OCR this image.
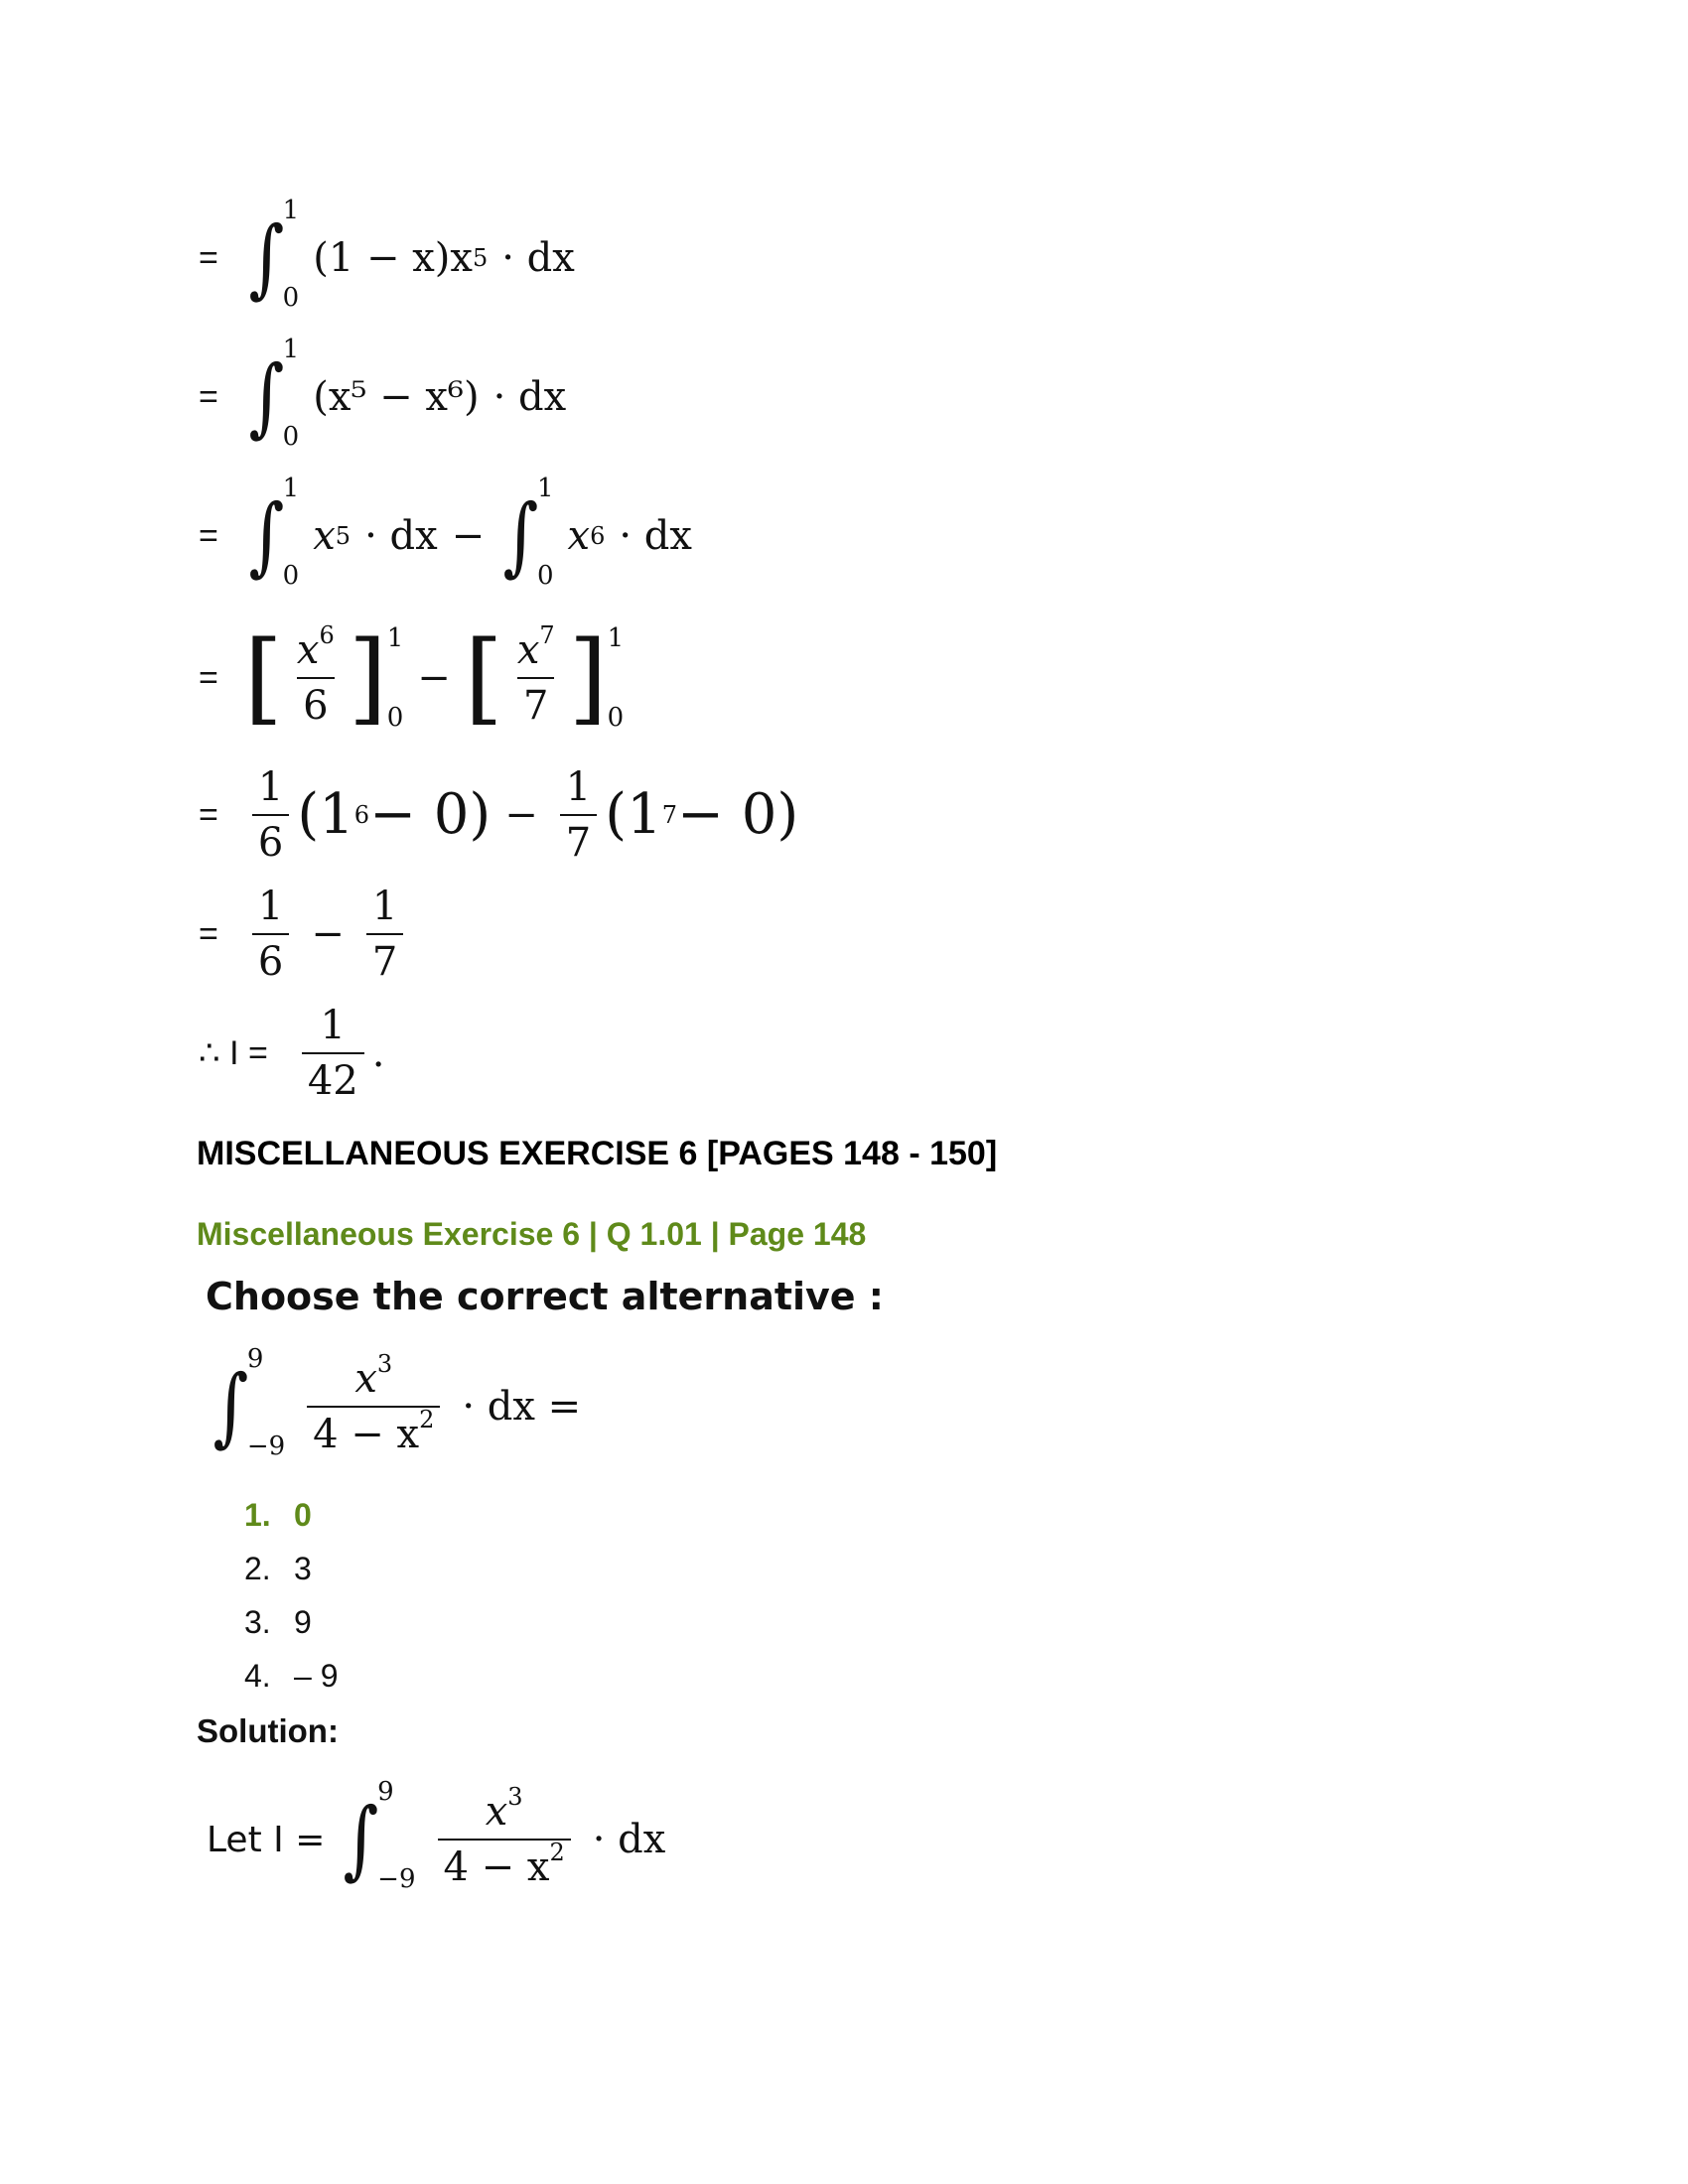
= ∫
1
0
(1 − x)x 5 · dx
= ∫
1
0
(x⁵ − x⁶) · dx
= ∫
1
0
x 5 · dx − ∫
1
0
x 6 · dx
= [ $\frac{x^6}{6}$ ] 1
0
− [ $\frac{x^7}{7}$ ] 1
0
= $\frac{1}{6} (1$ $6 - 0) - \frac{1}{7} (1$ 7 − 0)
= $\frac{1}{6} - \frac{1}{7}$
∴ $I = \frac{1}{42}$ .
MISCELLANEOUS EXERCISE 6 [PAGES 148 - 150]
Miscellaneous Exercise 6 | Q 1.01 | Page 148
Choose the correct alternative :
∫
9
$-9 \frac{x^3}{4 - x^2}$ · dx =
1. 0
2. 3
3. 9
4. – 9
Solution:
Let I = ∫
9
$-9 \frac{x^3}{4 - x^2}$ · dx
